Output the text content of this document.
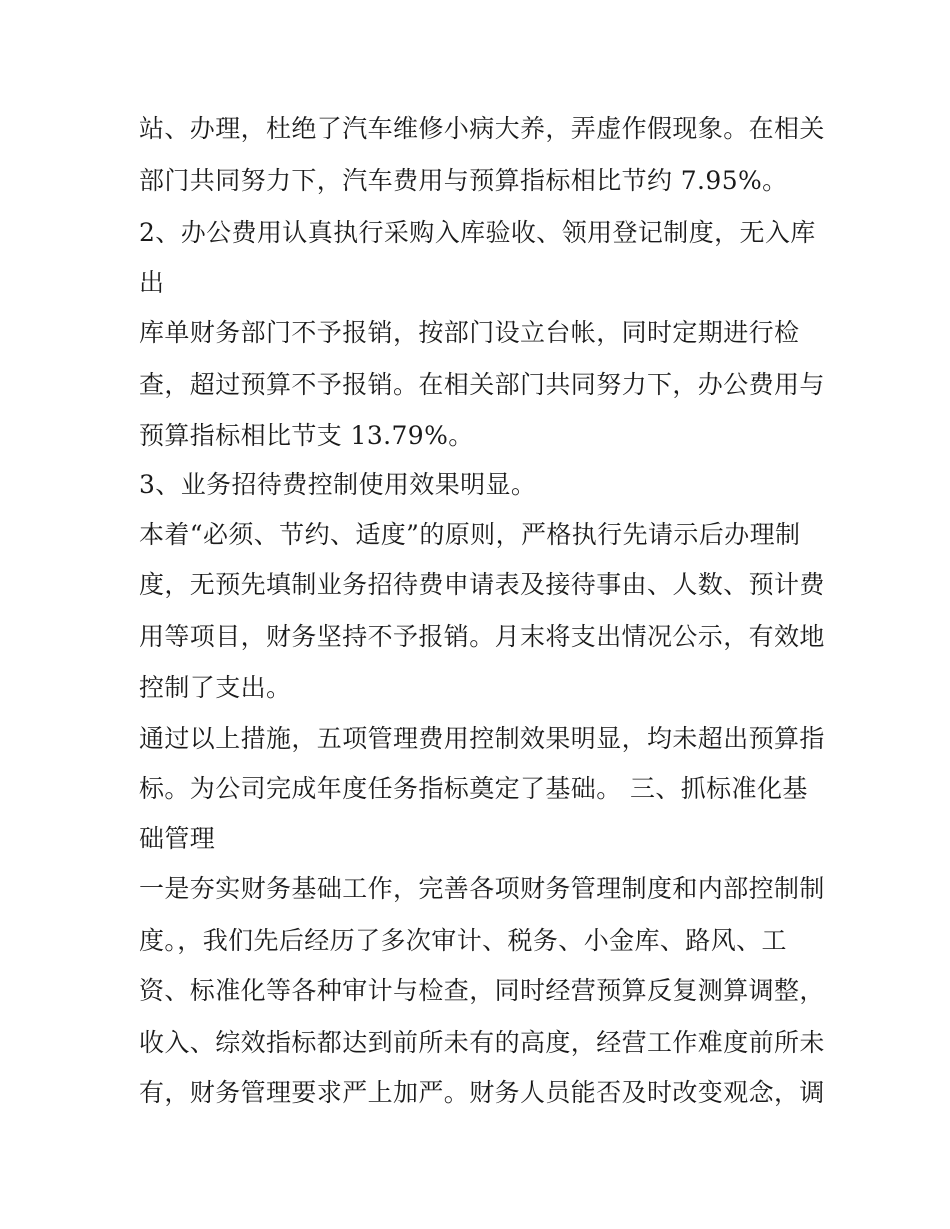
站、办理，杜绝了汽车维修小病大养，弄虚作假现象。在相关
部门共同努力下，汽车费用与预算指标相比节约 7.95%。
2、办公费用认真执行采购入库验收、领用登记制度，无入库
出
库单财务部门不予报销，按部门设立台帐，同时定期进行检
查，超过预算不予报销。在相关部门共同努力下，办公费用与
预算指标相比节支 13.79%。
3、业务招待费控制使用效果明显。
本着“必须、节约、适度”的原则，严格执行先请示后办理制
度，无预先填制业务招待费申请表及接待事由、人数、预计费
用等项目，财务坚持不予报销。月末将支出情况公示，有效地
控制了支出。
通过以上措施，五项管理费用控制效果明显，均未超出预算指
标。为公司完成年度任务指标奠定了基础。 三、抓标准化基
础管理
一是夯实财务基础工作，完善各项财务管理制度和内部控制制
度。，我们先后经历了多次审计、税务、小金库、路风、工
资、标准化等各种审计与检查，同时经营预算反复测算调整，
收入、综效指标都达到前所未有的高度，经营工作难度前所未
有，财务管理要求严上加严。财务人员能否及时改变观念，调
